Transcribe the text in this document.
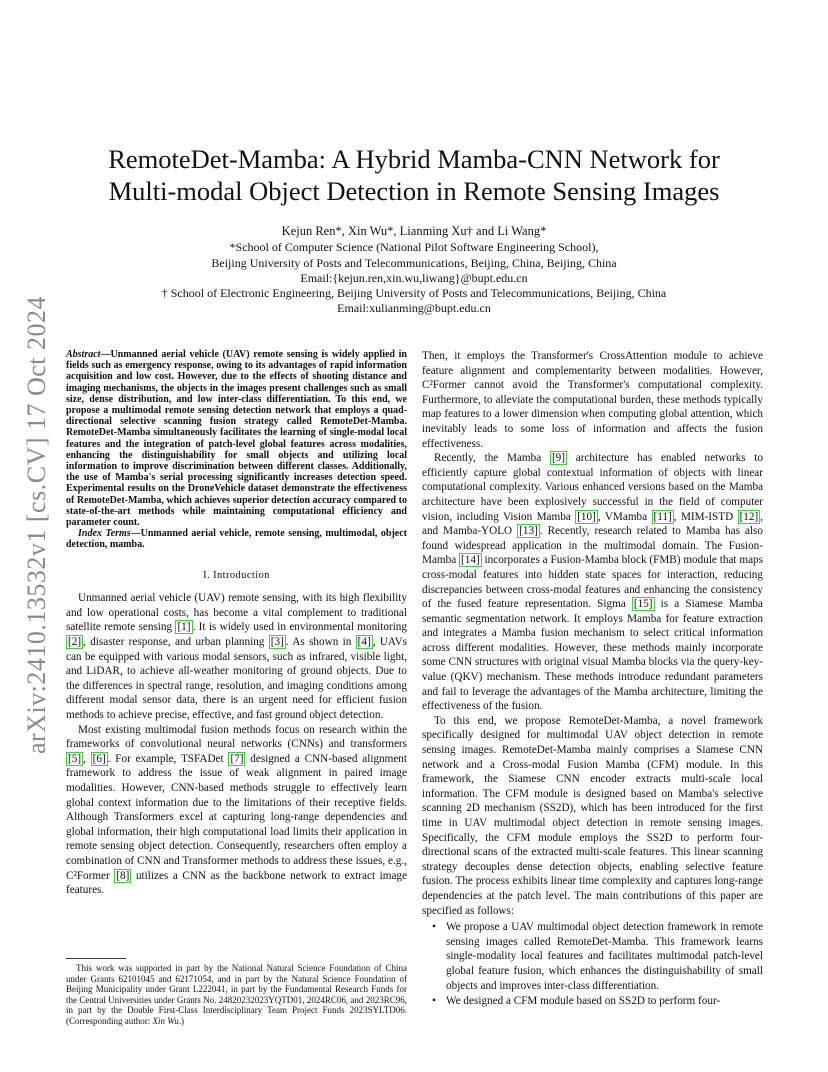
arXiv:2410.13532v1 [cs.CV] 17 Oct 2024
RemoteDet-Mamba: A Hybrid Mamba-CNN Network for
Multi-modal Object Detection in Remote Sensing Images
Kejun Ren*, Xin Wu*, Lianming Xu† and Li Wang*
*School of Computer Science (National Pilot Software Engineering School),
Beijing University of Posts and Telecommunications, Beijing, China, Beijing, China
Email:{kejun.ren,xin.wu,liwang}@bupt.edu.cn
† School of Electronic Engineering, Beijing University of Posts and Telecommunications, Beijing, China
Email:xulianming@bupt.edu.cn

Abstract—Unmanned aerial vehicle (UAV) remote sensing is widely applied in fields such as emergency response, owing to its advantages of rapid information acquisition and low cost. However, due to the effects of shooting distance and imaging mechanisms, the objects in the images present challenges such as small size, dense distribution, and low inter-class differentiation. To this end, we propose a multimodal remote sensing detection network that employs a quad-directional selective scanning fusion strategy called RemoteDet-Mamba. RemoteDet-Mamba simultaneously facilitates the learning of single-modal local features and the integration of patch-level global features across modalities, enhancing the distinguishability for small objects and utilizing local information to improve discrimination between different classes. Additionally, the use of Mamba's serial processing significantly increases detection speed. Experimental results on the DroneVehicle dataset demonstrate the effectiveness of RemoteDet-Mamba, which achieves superior detection accuracy compared to state-of-the-art methods while maintaining computational efficiency and parameter count.

Index Terms—Unmanned aerial vehicle, remote sensing, multimodal, object detection, mamba.

I. Introduction

Unmanned aerial vehicle (UAV) remote sensing, with its high flexibility and low operational costs, has become a vital complement to traditional satellite remote sensing [1] . It is widely used in environmental monitoring [2] , disaster response, and urban planning [3] . As shown in [4] , UAVs can be equipped with various modal sensors, such as infrared, visible light, and LiDAR, to achieve all-weather monitoring of ground objects. Due to the differences in spectral range, resolution, and imaging conditions among different modal sensor data, there is an urgent need for efficient fusion methods to achieve precise, effective, and fast ground object detection.

Most existing multimodal fusion methods focus on research within the frameworks of convolutional neural networks (CNNs) and transformers [5] , [6] . For example, TSFADet [7] designed a CNN-based alignment framework to address the issue of weak alignment in paired image modalities. However, CNN-based methods struggle to effectively learn global context information due to the limitations of their receptive fields. Although Transformers excel at capturing long-range dependencies and global information, their high computational load limits their application in remote sensing object detection. Consequently, researchers often employ a combination of CNN and Transformer methods to address these issues, e.g., C²Former [8] utilizes a CNN as the backbone network to extract image features.

This work was supported in part by the National Natural Science Foundation of China under Grants 62101045 and 62171054, and in part by the Natural Science Foundation of Beijing Municipality under Grant L222041, in part by the Fundamental Research Funds for the Central Universities under Grants No. 24820232023YQTD01, 2024RC06, and 2023RC96, in part by the Double First-Class Interdisciplinary Team Project Funds 2023SYLTD06. (Corresponding author: Xin Wu.)

Then, it employs the Transformer's CrossAttention module to achieve feature alignment and complementarity between modalities. However, C²Former cannot avoid the Transformer's computational complexity. Furthermore, to alleviate the computational burden, these methods typically map features to a lower dimension when computing global attention, which inevitably leads to some loss of information and affects the fusion effectiveness.

Recently, the Mamba [9] architecture has enabled networks to efficiently capture global contextual information of objects with linear computational complexity. Various enhanced versions based on the Mamba architecture have been explosively successful in the field of computer vision, including Vision Mamba [10] , VMamba [11] , MIM-ISTD [12] , and Mamba-YOLO [13] . Recently, research related to Mamba has also found widespread application in the multimodal domain. The Fusion-Mamba [14] incorporates a Fusion-Mamba block (FMB) module that maps cross-modal features into hidden state spaces for interaction, reducing discrepancies between cross-modal features and enhancing the consistency of the fused feature representation. Sigma [15] is a Siamese Mamba semantic segmentation network. It employs Mamba for feature extraction and integrates a Mamba fusion mechanism to select critical information across different modalities. However, these methods mainly incorporate some CNN structures with original visual Mamba blocks via the query-key-value (QKV) mechanism. These methods introduce redundant parameters and fail to leverage the advantages of the Mamba architecture, limiting the effectiveness of the fusion.

To this end, we propose RemoteDet-Mamba, a novel framework specifically designed for multimodal UAV object detection in remote sensing images. RemoteDet-Mamba mainly comprises a Siamese CNN network and a Cross-modal Fusion Mamba (CFM) module. In this framework, the Siamese CNN encoder extracts multi-scale local information. The CFM module is designed based on Mamba's selective scanning 2D mechanism (SS2D), which has been introduced for the first time in UAV multimodal object detection in remote sensing images. Specifically, the CFM module employs the SS2D to perform four-directional scans of the extracted multi-scale features. This linear scanning strategy decouples dense detection objects, enabling selective feature fusion. The process exhibits linear time complexity and captures long-range dependencies at the patch level. The main contributions of this paper are specified as follows:

• We propose a UAV multimodal object detection framework in remote sensing images called RemoteDet-Mamba. This framework learns single-modality local features and facilitates multimodal patch-level global feature fusion, which enhances the distinguishability of small objects and improves inter-class differentiation.
• We designed a CFM module based on SS2D to perform four-
